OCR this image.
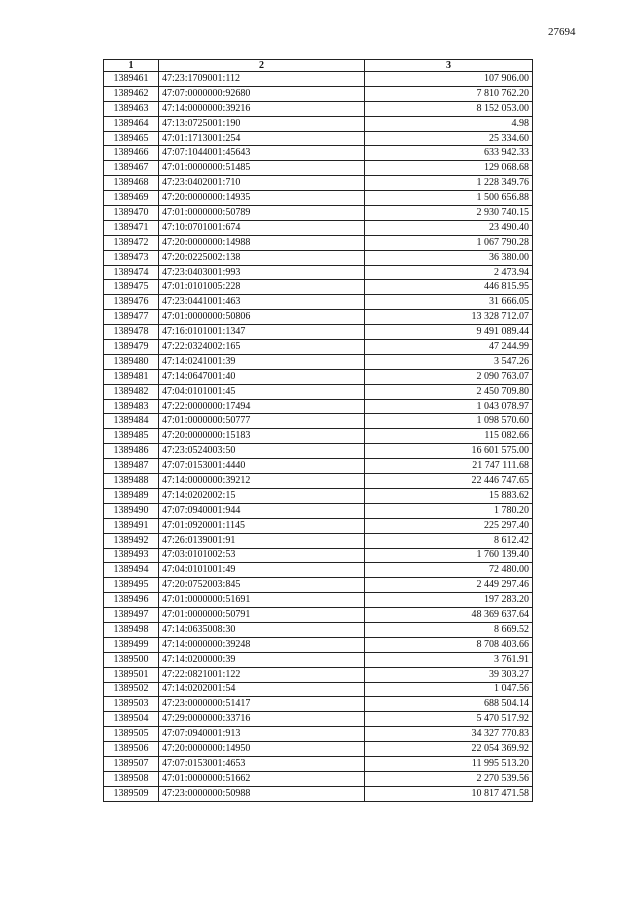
27694
1	2	3
1389461	47:23:1709001:112	107 906.00
1389462	47:07:0000000:92680	7 810 762.20
1389463	47:14:0000000:39216	8 152 053.00
1389464	47:13:0725001:190	4.98
1389465	47:01:1713001:254	25 334.60
1389466	47:07:1044001:45643	633 942.33
1389467	47:01:0000000:51485	129 068.68
1389468	47:23:0402001:710	1 228 349.76
1389469	47:20:0000000:14935	1 500 656.88
1389470	47:01:0000000:50789	2 930 740.15
1389471	47:10:0701001:674	23 490.40
1389472	47:20:0000000:14988	1 067 790.28
1389473	47:20:0225002:138	36 380.00
1389474	47:23:0403001:993	2 473.94
1389475	47:01:0101005:228	446 815.95
1389476	47:23:0441001:463	31 666.05
1389477	47:01:0000000:50806	13 328 712.07
1389478	47:16:0101001:1347	9 491 089.44
1389479	47:22:0324002:165	47 244.99
1389480	47:14:0241001:39	3 547.26
1389481	47:14:0647001:40	2 090 763.07
1389482	47:04:0101001:45	2 450 709.80
1389483	47:22:0000000:17494	1 043 078.97
1389484	47:01:0000000:50777	1 098 570.60
1389485	47:20:0000000:15183	115 082.66
1389486	47:23:0524003:50	16 601 575.00
1389487	47:07:0153001:4440	21 747 111.68
1389488	47:14:0000000:39212	22 446 747.65
1389489	47:14:0202002:15	15 883.62
1389490	47:07:0940001:944	1 780.20
1389491	47:01:0920001:1145	225 297.40
1389492	47:26:0139001:91	8 612.42
1389493	47:03:0101002:53	1 760 139.40
1389494	47:04:0101001:49	72 480.00
1389495	47:20:0752003:845	2 449 297.46
1389496	47:01:0000000:51691	197 283.20
1389497	47:01:0000000:50791	48 369 637.64
1389498	47:14:0635008:30	8 669.52
1389499	47:14:0000000:39248	8 708 403.66
1389500	47:14:0200000:39	3 761.91
1389501	47:22:0821001:122	39 303.27
1389502	47:14:0202001:54	1 047.56
1389503	47:23:0000000:51417	688 504.14
1389504	47:29:0000000:33716	5 470 517.92
1389505	47:07:0940001:913	34 327 770.83
1389506	47:20:0000000:14950	22 054 369.92
1389507	47:07:0153001:4653	11 995 513.20
1389508	47:01:0000000:51662	2 270 539.56
1389509	47:23:0000000:50988	10 817 471.58
